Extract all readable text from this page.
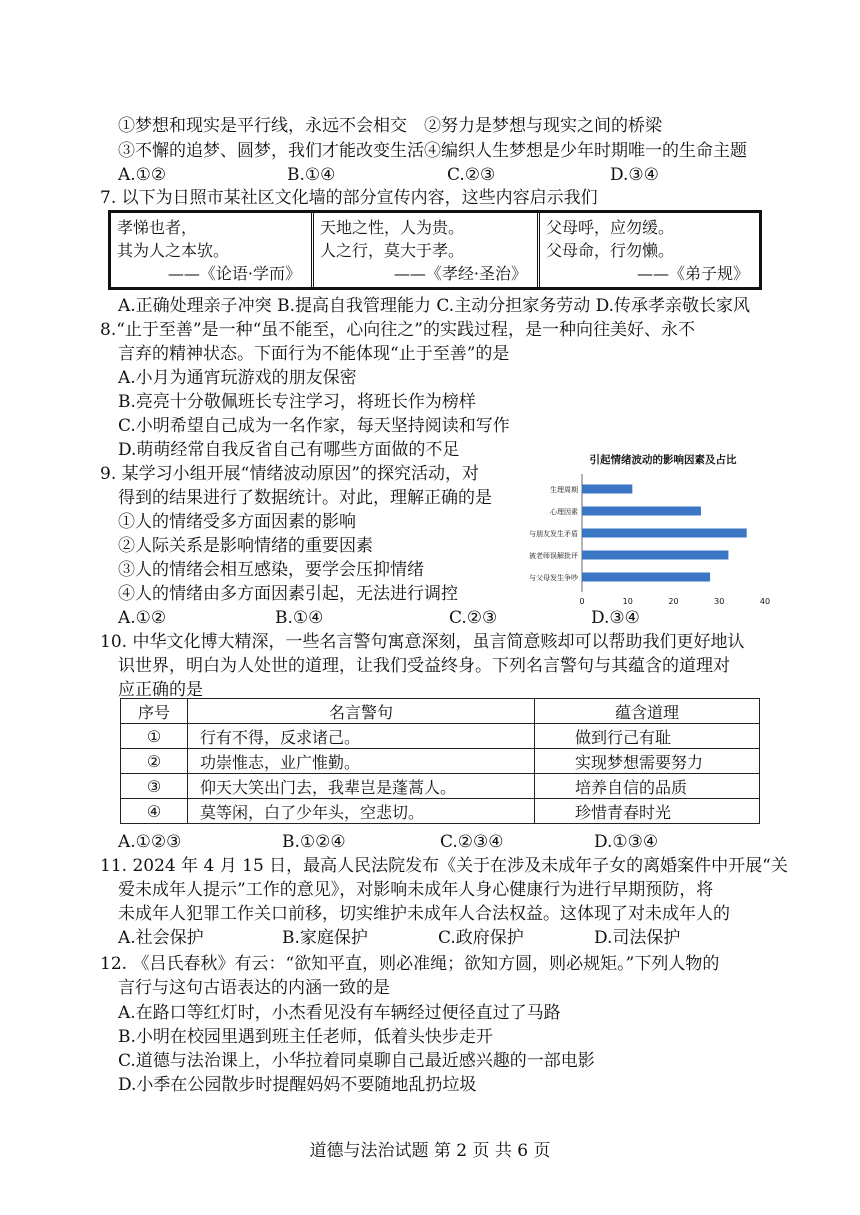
①梦想和现实是平行线，永远不会相交　②努力是梦想与现实之间的桥梁
③不懈的追梦、圆梦，我们才能改变生活④编织人生梦想是少年时期唯一的生命主题
A.①②	B.①④	C.②③	D.③④
7. 以下为日照市某社区文化墙的部分宣传内容，这些内容启示我们
孝悌也者，
其为人之本欤。
——《论语·学而》
天地之性，人为贵。
人之行，莫大于孝。
——《孝经·圣治》
父母呼，应勿缓。
父母命，行勿懒。
——《弟子规》
A.正确处理亲子冲突 B.提高自我管理能力 C.主动分担家务劳动 D.传承孝亲敬长家风
8.“止于至善”是一种“虽不能至，心向往之”的实践过程，是一种向往美好、永不
言弃的精神状态。下面行为不能体现“止于至善”的是
A.小月为通宵玩游戏的朋友保密
B.亮亮十分敬佩班长专注学习，将班长作为榜样
C.小明希望自己成为一名作家，每天坚持阅读和写作
D.萌萌经常自我反省自己有哪些方面做的不足
9. 某学习小组开展“情绪波动原因”的探究活动，对
得到的结果进行了数据统计。对此，理解正确的是
①人的情绪受多方面因素的影响
②人际关系是影响情绪的重要因素
③人的情绪会相互感染，要学会压抑情绪
④人的情绪由多方面因素引起，无法进行调控
A.①②	B.①④	C.②③	D.③④
引起情绪波动的影响因素及占比
生理周期
心理因素
与朋友发生矛盾
被老师误解批评
与父母发生争吵
0	10	20	30	40
10. 中华文化博大精深，一些名言警句寓意深刻，虽言简意赅却可以帮助我们更好地认
识世界，明白为人处世的道理，让我们受益终身。下列名言警句与其蕴含的道理对
应正确的是
序号	名言警句	蕴含道理
①	行有不得，反求诸己。	做到行己有耻
②	功崇惟志，业广惟勤。	实现梦想需要努力
③	仰天大笑出门去，我辈岂是蓬蒿人。	培养自信的品质
④	莫等闲，白了少年头，空悲切。	珍惜青春时光
A.①②③	B.①②④	C.②③④	D.①③④
11. 2024 年 4 月 15 日，最高人民法院发布《关于在涉及未成年子女的离婚案件中开展“关
爱未成年人提示”工作的意见》，对影响未成年人身心健康行为进行早期预防，将
未成年人犯罪工作关口前移，切实维护未成年人合法权益。这体现了对未成年人的
A.社会保护	B.家庭保护	C.政府保护	D.司法保护
12. 《吕氏春秋》有云：“欲知平直，则必准绳；欲知方圆，则必规矩。”下列人物的
言行与这句古语表达的内涵一致的是
A.在路口等红灯时，小杰看见没有车辆经过便径直过了马路
B.小明在校园里遇到班主任老师，低着头快步走开
C.道德与法治课上，小华拉着同桌聊自己最近感兴趣的一部电影
D.小季在公园散步时提醒妈妈不要随地乱扔垃圾
道德与法治试题 第 2 页 共 6 页
